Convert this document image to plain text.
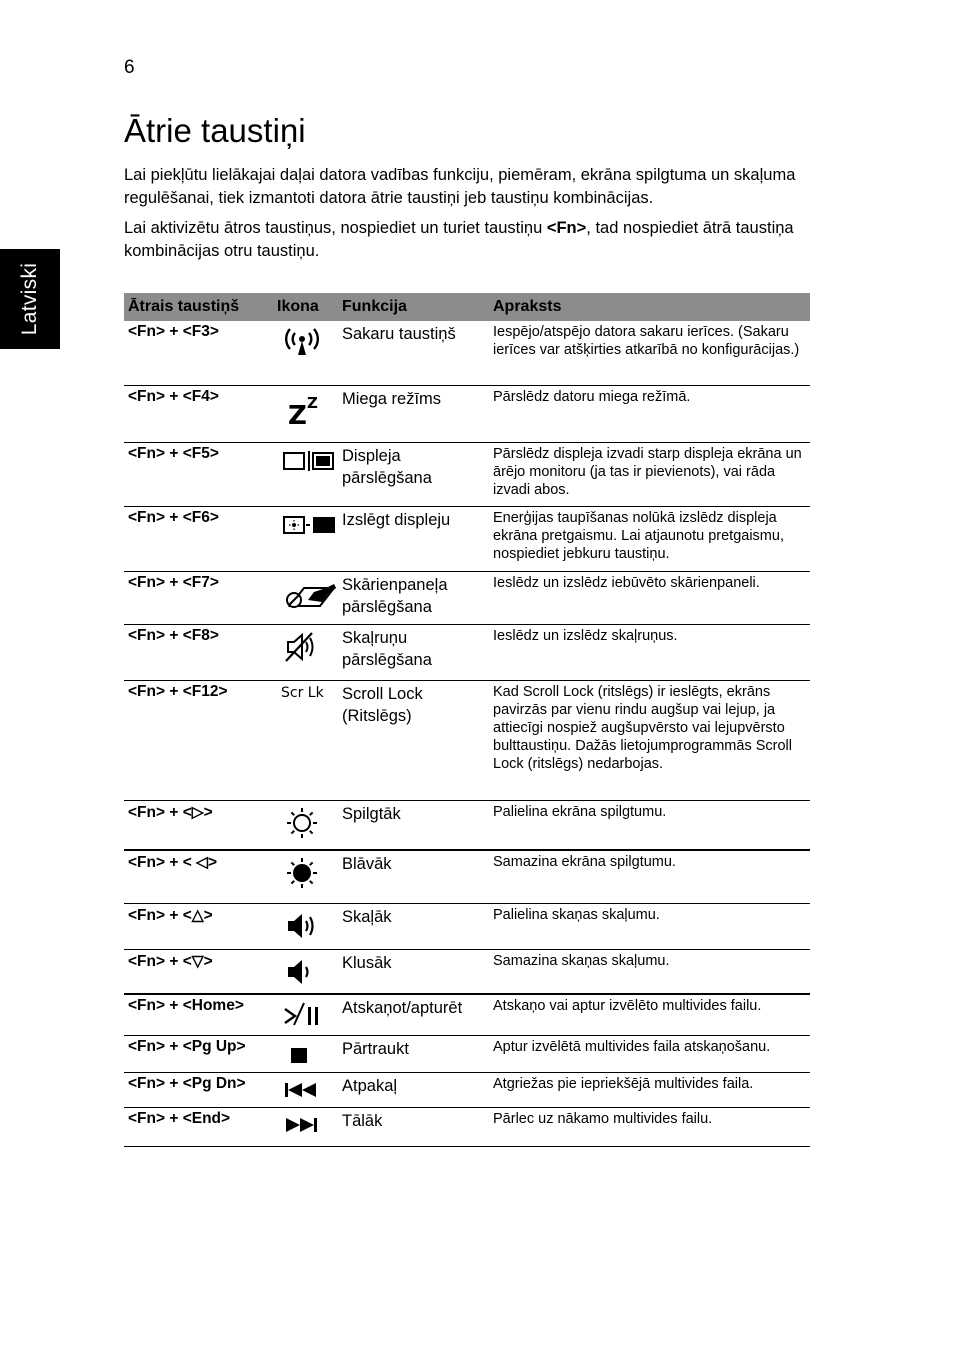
6
Latviski
Ātrie taustiņi

Lai piekļūtu lielākajai daļai datora vadības funkciju, piemēram, ekrāna spilgtuma un skaļuma regulēšanai, tiek izmantoti datora ātrie taustiņi jeb taustiņu kombinācijas.

Lai aktivizētu ātros taustiņus, nospiediet un turiet taustiņu <Fn>, tad nospiediet ātrā taustiņa kombinācijas otru taustiņu.

Ātrais taustiņš	Ikona	Funkcija	Apraksts
<Fn> + <F3>		Sakaru taustiņš	Iespējo/atspējo datora sakaru ierīces. (Sakaru ierīces var atšķirties atkarībā no konfigurācijas.)
<Fn> + <F4>	Z Z	Miega režīms	Pārslēdz datoru miega režīmā.
<Fn> + <F5>		Displeja pārslēgšana	Pārslēdz displeja izvadi starp displeja ekrāna un ārējo monitoru (ja tas ir pievienots), vai rāda izvadi abos.
<Fn> + <F6>		Izslēgt displeju	Enerģijas taupīšanas nolūkā izslēdz displeja ekrāna pretgaismu. Lai atjaunotu pretgaismu, nospiediet jebkuru taustiņu.
<Fn> + <F7>		Skārienpaneļa pārslēgšana	Ieslēdz un izslēdz iebūvēto skārienpaneli.
<Fn> + <F8>		Skaļruņu pārslēgšana	Ieslēdz un izslēdz skaļruņus.
<Fn> + <F12>	Scr Lk	Scroll Lock (Ritslēgs)	Kad Scroll Lock (ritslēgs) ir ieslēgts, ekrāns pavirzās par vienu rindu augšup vai lejup, ja attiecīgi nospiež augšupvērsto vai lejupvērsto bulttaustiņu. Dažās lietojumprogrammās Scroll Lock (ritslēgs) nedarbojas.
<Fn> + <▷>		Spilgtāk	Palielina ekrāna spilgtumu.
<Fn> + < ◁>		Blāvāk	Samazina ekrāna spilgtumu.
<Fn> + <△>		Skaļāk	Palielina skaņas skaļumu.
<Fn> + <▽>		Klusāk	Samazina skaņas skaļumu.
<Fn> + <Home>		Atskaņot/apturēt	Atskaņo vai aptur izvēlēto multivides failu.
<Fn> + <Pg Up>		Pārtraukt	Aptur izvēlētā multivides faila atskaņošanu.
<Fn> + <Pg Dn>		Atpakaļ	Atgriežas pie iepriekšējā multivides faila.
<Fn> + <End>		Tālāk	Pārlec uz nākamo multivides failu.
